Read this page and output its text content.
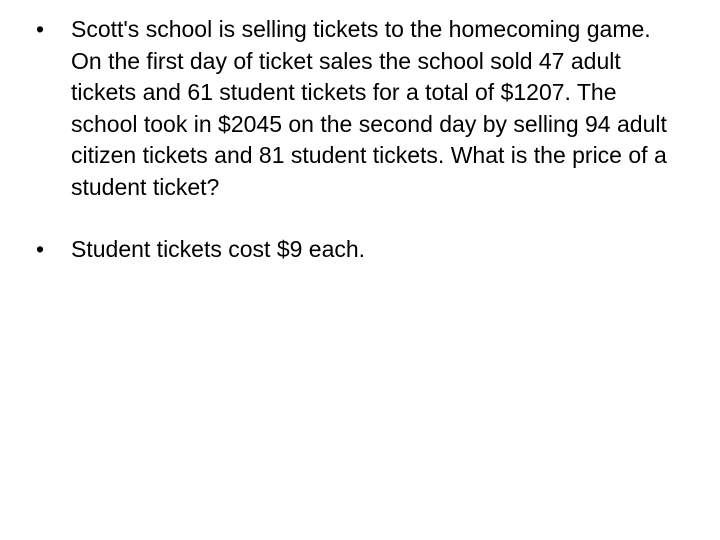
•	Scott's school is selling tickets to the homecoming game. On the first day of ticket sales the school sold 47 adult tickets and 61 student tickets for a total of $1207. The school took in $2045 on the second day by selling 94 adult citizen tickets and 81 student tickets. What is the price of a student ticket?
•	Student tickets cost $9 each.
